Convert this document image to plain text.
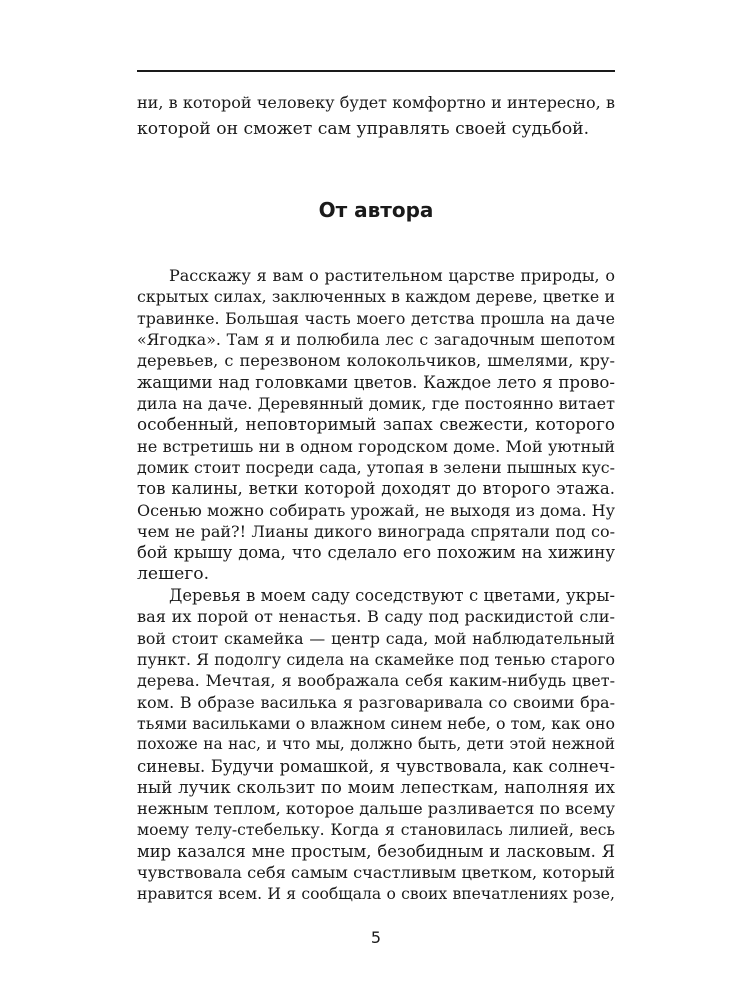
ни, в которой человеку будет комфортно и интересно, в
которой он сможет сам управлять своей судьбой.
От автора
Расскажу я вам о растительном царстве природы, о
скрытых силах, заключенных в каждом дереве, цветке и
травинке. Большая часть моего детства прошла на даче
«Ягодка». Там я и полюбила лес с загадочным шепотом
деревьев, с перезвоном колокольчиков, шмелями, кру-
жащими над головками цветов. Каждое лето я прово-
дила на даче. Деревянный домик, где постоянно витает
особенный, неповторимый запах свежести, которого
не встретишь ни в одном городском доме. Мой уютный
домик стоит посреди сада, утопая в зелени пышных кус-
тов калины, ветки которой доходят до второго этажа.
Осенью можно собирать урожай, не выходя из дома. Ну
чем не рай?! Лианы дикого винограда спрятали под со-
бой крышу дома, что сделало его похожим на хижину
лешего.
Деревья в моем саду соседствуют с цветами, укры-
вая их порой от ненастья. В саду под раскидистой сли-
вой стоит скамейка — центр сада, мой наблюдательный
пункт. Я подолгу сидела на скамейке под тенью старого
дерева. Мечтая, я воображала себя каким-нибудь цвет-
ком. В образе василька я разговаривала со своими бра-
тьями васильками о влажном синем небе, о том, как оно
похоже на нас, и что мы, должно быть, дети этой нежной
синевы. Будучи ромашкой, я чувствовала, как солнеч-
ный лучик скользит по моим лепесткам, наполняя их
нежным теплом, которое дальше разливается по всему
моему телу-стебельку. Когда я становилась лилией, весь
мир казался мне простым, безобидным и ласковым. Я
чувствовала себя самым счастливым цветком, который
нравится всем. И я сообщала о своих впечатлениях розе,
5
